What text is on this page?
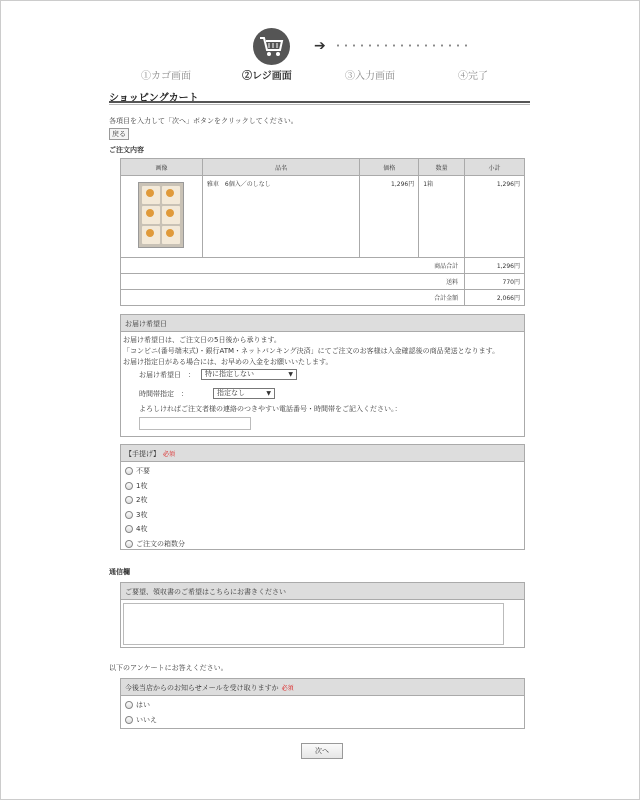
➔
①カゴ画面	②レジ画面	③入力画面	④完了
ショッピングカート
各項目を入力して「次へ」ボタンをクリックしてください。
戻る
ご注文内容
画像	品名	価格	数量	小計

	雅車　6個入／のしなし	1,296円	1箱	1,296円
商品合計				1,296円
送料				770円
合計金額				2,066円
お届け希望日
お届け希望日は、ご注文日の5日後から承ります。
「コンビニ(番号端末式)・銀行ATM・ネットバンキング決済」にてご注文のお客様は入金確認後の商品発送となります。
お届け指定日がある場合には、お早めの入金をお願いいたします。
お届け希望日　：	特に指定しない	▼
時間帯指定　：	指定なし	▼
よろしければご注文者様の連絡のつきやすい電話番号・時間帯をご記入ください。：
【手提げ】 必須
不要
1枚
2枚
3枚
4枚
ご注文の箱数分
通信欄
ご要望、領収書のご希望はこちらにお書きください
以下のアンケートにお答えください。
今後当店からのお知らせメールを受け取りますか 必須
はい
いいえ
次へ
